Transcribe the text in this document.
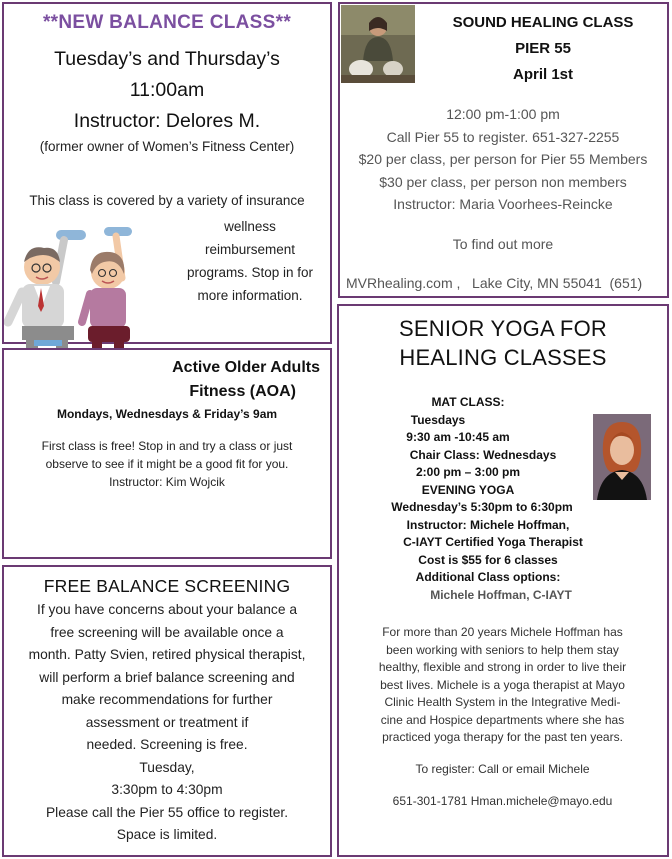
**NEW BALANCE CLASS**
Tuesday’s and Thursday’s
11:00am
Instructor: Delores M.
(former owner of Women’s Fitness Center)
This class is covered by a variety of insurance
wellness
reimbursement
programs. Stop in for
more information.
SOUND HEALING CLASS
PIER 55
April 1st
12:00 pm-1:00 pm
Call Pier 55 to register. 651-327-2255
$20 per class, per person for Pier 55 Members
$30 per class, per person non members
Instructor: Maria Voorhees-Reincke
To find out more
MVRhealing.com ,   Lake City, MN 55041  (651)
Active Older Adults
Fitness (AOA)
Mondays, Wednesdays & Friday’s 9am
First class is free! Stop in and try a class or just
observe to see if it might be a good fit for you.
Instructor: Kim Wojcik
FREE BALANCE SCREENING
If you have concerns about your balance a
free screening will be available once a
month. Patty Svien, retired physical therapist,
will perform a brief balance screening and
make recommendations for further
assessment or treatment if
needed. Screening is free.
Tuesday,
3:30pm to 4:30pm
Please call the Pier 55 office to register.
Space is limited.
SENIOR YOGA FOR
HEALING CLASSES
MAT CLASS:
Tuesdays
9:30 am -10:45 am
Chair Class: Wednesdays
2:00 pm – 3:00 pm
EVENING YOGA
Wednesday’s 5:30pm to 6:30pm
Instructor: Michele Hoffman,
C-IAYT Certified Yoga Therapist
Cost is $55 for 6 classes
Additional Class options:
Michele Hoffman, C-IAYT
For more than 20 years Michele Hoffman has
been working with seniors to help them stay
healthy, flexible and strong in order to live their
best lives. Michele is a yoga therapist at Mayo
Clinic Health System in the Integrative Medi-
cine and Hospice departments where she has
practiced yoga therapy for the past ten years.
To register: Call or email Michele
651-301-1781 Hman.michele@mayo.edu
